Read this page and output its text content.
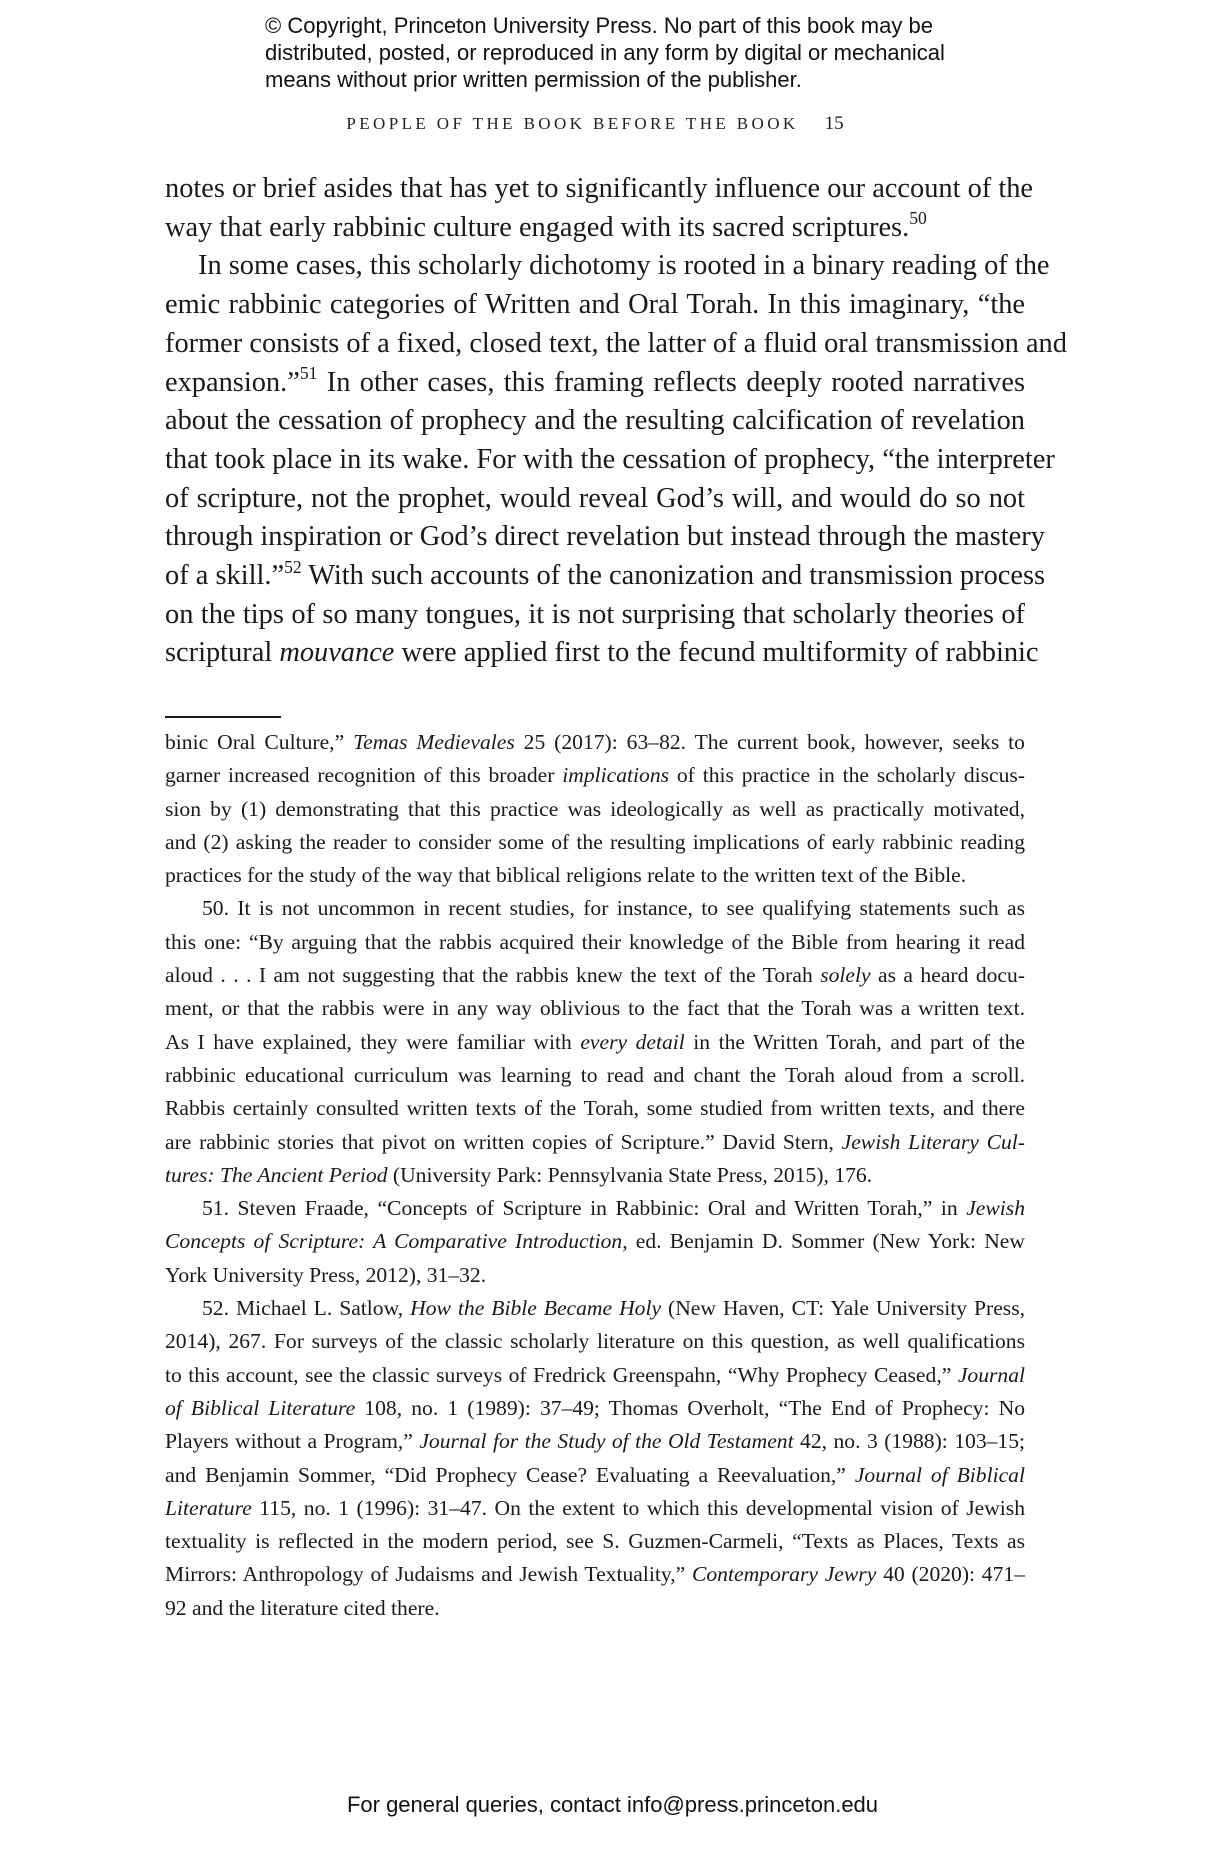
© Copyright, Princeton University Press. No part of this book may be
distributed, posted, or reproduced in any form by digital or mechanical
means without prior written permission of the publisher.
PEOPLE OF THE BOOK BEFORE THE BOOK 15
notes or brief asides that has yet to significantly influence our account of the
way that early rabbinic culture engaged with its sacred scriptures.$^{50}$
In some cases, this scholarly dichotomy is rooted in a binary reading of the
emic rabbinic categories of Written and Oral Torah. In this imaginary, “the
former consists of a fixed, closed text, the latter of a fluid oral transmission and
expansion.”$^{51}$ In other cases, this framing reflects deeply rooted narratives
about the cessation of prophecy and the resulting calcification of revelation
that took place in its wake. For with the cessation of prophecy, “the interpreter
of scripture, not the prophet, would reveal God’s will, and would do so not
through inspiration or God’s direct revelation but instead through the mastery
of a skill.”$^{52}$ With such accounts of the canonization and transmission process
on the tips of so many tongues, it is not surprising that scholarly theories of
scriptural mouvance were applied first to the fecund multiformity of rabbinic
binic Oral Culture,” Temas Medievales 25 (2017): 63–82. The current book, however, seeks to
garner increased recognition of this broader implications of this practice in the scholarly discus-
sion by (1) demonstrating that this practice was ideologically as well as practically motivated,
and (2) asking the reader to consider some of the resulting implications of early rabbinic reading
practices for the study of the way that biblical religions relate to the written text of the Bible.
50. It is not uncommon in recent studies, for instance, to see qualifying statements such as
this one: “By arguing that the rabbis acquired their knowledge of the Bible from hearing it read
aloud . . . I am not suggesting that the rabbis knew the text of the Torah solely as a heard docu-
ment, or that the rabbis were in any way oblivious to the fact that the Torah was a written text.
As I have explained, they were familiar with every detail in the Written Torah, and part of the
rabbinic educational curriculum was learning to read and chant the Torah aloud from a scroll.
Rabbis certainly consulted written texts of the Torah, some studied from written texts, and there
are rabbinic stories that pivot on written copies of Scripture.” David Stern, Jewish Literary Cul-
tures: The Ancient Period (University Park: Pennsylvania State Press, 2015), 176.
51. Steven Fraade, “Concepts of Scripture in Rabbinic: Oral and Written Torah,” in Jewish
Concepts of Scripture: A Comparative Introduction, ed. Benjamin D. Sommer (New York: New
York University Press, 2012), 31–32.
52. Michael L. Satlow, How the Bible Became Holy (New Haven, CT: Yale University Press,
2014), 267. For surveys of the classic scholarly literature on this question, as well qualifications
to this account, see the classic surveys of Fredrick Greenspahn, “Why Prophecy Ceased,” Journal
of Biblical Literature 108, no. 1 (1989): 37–49; Thomas Overholt, “The End of Prophecy: No
Players without a Program,” Journal for the Study of the Old Testament 42, no. 3 (1988): 103–15;
and Benjamin Sommer, “Did Prophecy Cease? Evaluating a Reevaluation,” Journal of Biblical
Literature 115, no. 1 (1996): 31–47. On the extent to which this developmental vision of Jewish
textuality is reflected in the modern period, see S. Guzmen-Carmeli, “Texts as Places, Texts as
Mirrors: Anthropology of Judaisms and Jewish Textuality,” Contemporary Jewry 40 (2020): 471–
92 and the literature cited there.
For general queries, contact info@press.princeton.edu
